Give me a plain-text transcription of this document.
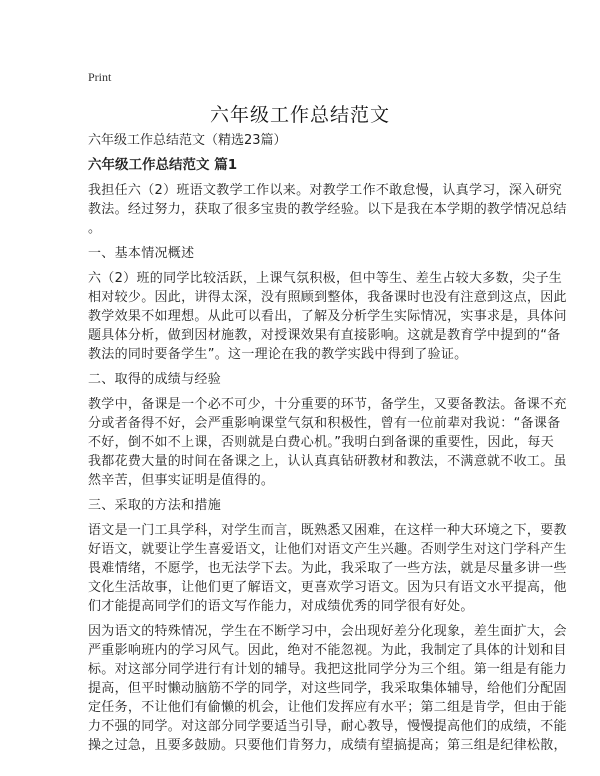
Print
六年级工作总结范文
六年级工作总结范文（精选23篇）
六年级工作总结范文 篇1
我担任六（2）班语文教学工作以来。对教学工作不敢怠慢，认真学习，深入研究
教法。经过努力，获取了很多宝贵的教学经验。以下是我在本学期的教学情况总结
。
一、基本情况概述
六（2）班的同学比较活跃，上课气氛积极，但中等生、差生占较大多数，尖子生
相对较少。因此，讲得太深，没有照顾到整体，我备课时也没有注意到这点，因此
教学效果不如理想。从此可以看出，了解及分析学生实际情况，实事求是，具体问
题具体分析，做到因材施教，对授课效果有直接影响。这就是教育学中提到的“备
教法的同时要备学生”。这一理论在我的教学实践中得到了验证。
二、取得的成绩与经验
教学中，备课是一个必不可少，十分重要的环节，备学生，又要备教法。备课不充
分或者备得不好，会严重影响课堂气氛和积极性，曾有一位前辈对我说：“备课备
不好，倒不如不上课，否则就是白费心机。”我明白到备课的重要性，因此，每天
我都花费大量的时间在备课之上，认认真真钻研教材和教法，不满意就不收工。虽
然辛苦，但事实证明是值得的。
三、采取的方法和措施
语文是一门工具学科，对学生而言，既熟悉又困难，在这样一种大环境之下，要教
好语文，就要让学生喜爱语文，让他们对语文产生兴趣。否则学生对这门学科产生
畏难情绪，不愿学，也无法学下去。为此，我采取了一些方法，就是尽量多讲一些
文化生活故事，让他们更了解语文，更喜欢学习语文。因为只有语文水平提高，他
们才能提高同学们的语文写作能力，对成绩优秀的同学很有好处。
因为语文的特殊情况，学生在不断学习中，会出现好差分化现象，差生面扩大，会
严重影响班内的学习风气。因此，绝对不能忽视。为此，我制定了具体的计划和目
标。对这部分同学进行有计划的辅导。我把这批同学分为三个组。第一组是有能力
提高，但平时懒动脑筋不学的同学，对这些同学，我采取集体辅导，给他们分配固
定任务，不让他们有偷懒的机会，让他们发挥应有水平；第二组是肯学，但由于能
力不强的同学。对这部分同学要适当引导，耐心教导，慢慢提高他们的成绩，不能
操之过急，且要多鼓励。只要他们肯努力，成绩有望搞提高；第三组是纪律松散，
